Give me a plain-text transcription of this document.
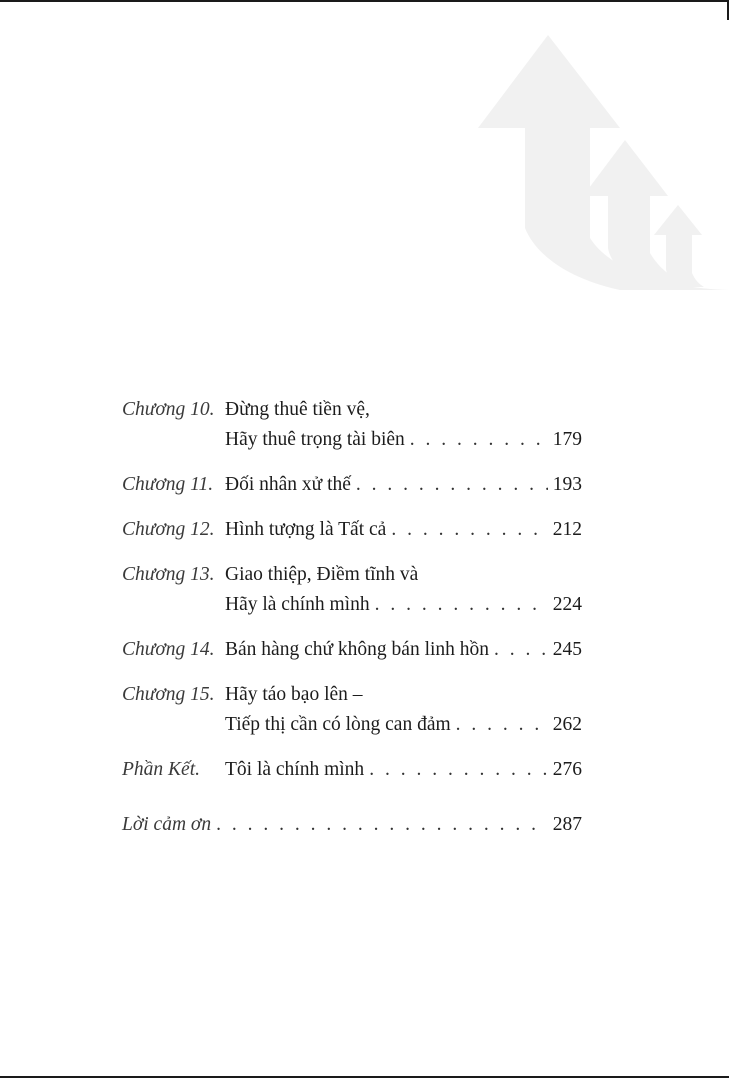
Chương 10. Đừng thuê tiền vệ,
Hãy thuê trọng tài biên . . .	179
Chương 11. Đối nhân xử thế . . .	193
Chương 12. Hình tượng là Tất cả . . .	212
Chương 13. Giao thiệp, Điềm tĩnh và
Hãy là chính mình . . .	224
Chương 14. Bán hàng chứ không bán linh hồn . . .	245
Chương 15. Hãy táo bạo lên –
Tiếp thị cần có lòng can đảm . . .	262
Phần Kết.	Tôi là chính mình . . .	276
Lời cảm ơn . . .	287
